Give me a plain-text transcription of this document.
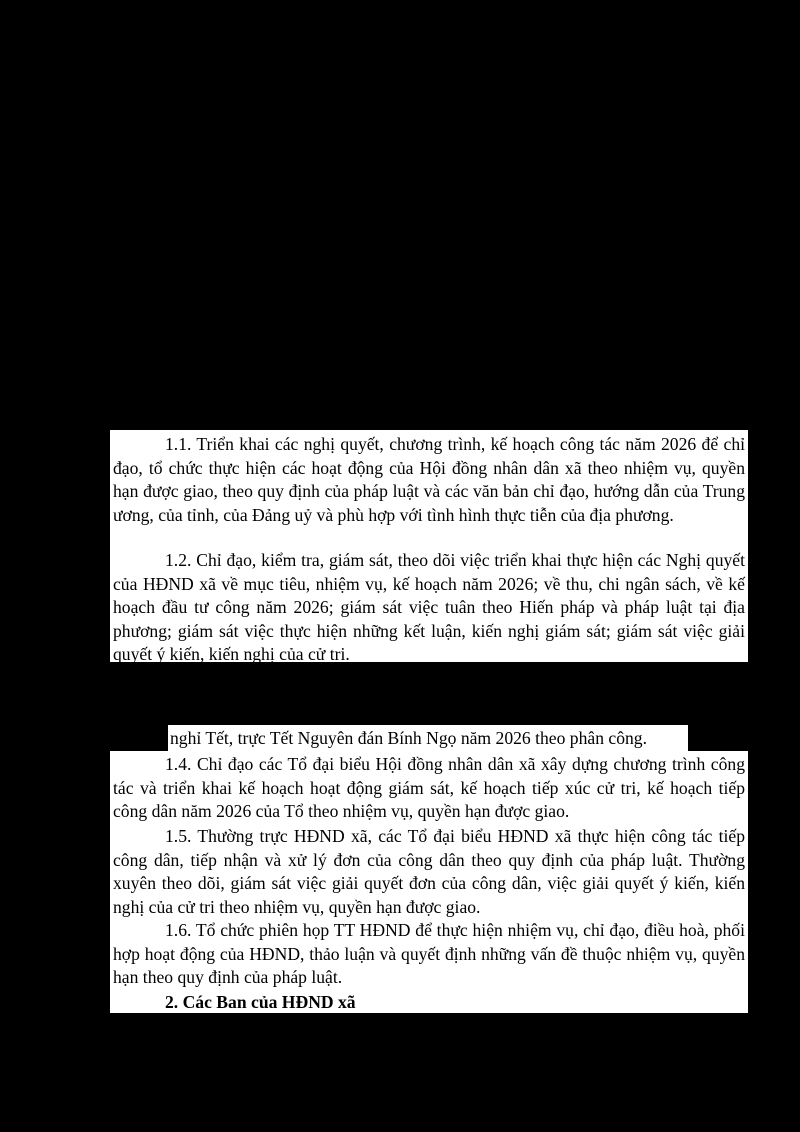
1.1. Triển khai các nghị quyết, chương trình, kế hoạch công tác năm 2026 để chỉ đạo, tổ chức thực hiện các hoạt động của Hội đồng nhân dân xã theo nhiệm vụ, quyền hạn được giao, theo quy định của pháp luật và các văn bản chỉ đạo, hướng dẫn của Trung ương, của tỉnh, của Đảng uỷ và phù hợp với tình hình thực tiễn của địa phương.

1.2. Chỉ đạo, kiểm tra, giám sát, theo dõi việc triển khai thực hiện các Nghị quyết của HĐND xã về mục tiêu, nhiệm vụ, kế hoạch năm 2026; về thu, chi ngân sách, về kế hoạch đầu tư công năm 2026; giám sát việc tuân theo Hiến pháp và pháp luật tại địa phương; giám sát việc thực hiện những kết luận, kiến nghị giám sát; giám sát việc giải quyết ý kiến, kiến nghị của cử tri.

nghỉ Tết, trực Tết Nguyên đán Bính Ngọ năm 2026 theo phân công.

1.4. Chỉ đạo các Tổ đại biểu Hội đồng nhân dân xã xây dựng chương trình công tác và triển khai kế hoạch hoạt động giám sát, kế hoạch tiếp xúc cử tri, kế hoạch tiếp công dân năm 2026 của Tổ theo nhiệm vụ, quyền hạn được giao.

1.5. Thường trực HĐND xã, các Tổ đại biểu HĐND xã thực hiện công tác tiếp công dân, tiếp nhận và xử lý đơn của công dân theo quy định của pháp luật. Thường xuyên theo dõi, giám sát việc giải quyết đơn của công dân, việc giải quyết ý kiến, kiến nghị của cử tri theo nhiệm vụ, quyền hạn được giao.

1.6. Tổ chức phiên họp TT HĐND để thực hiện nhiệm vụ, chỉ đạo, điều hoà, phối hợp hoạt động của HĐND, thảo luận và quyết định những vấn đề thuộc nhiệm vụ, quyền hạn theo quy định của pháp luật.

2. Các Ban của HĐND xã
